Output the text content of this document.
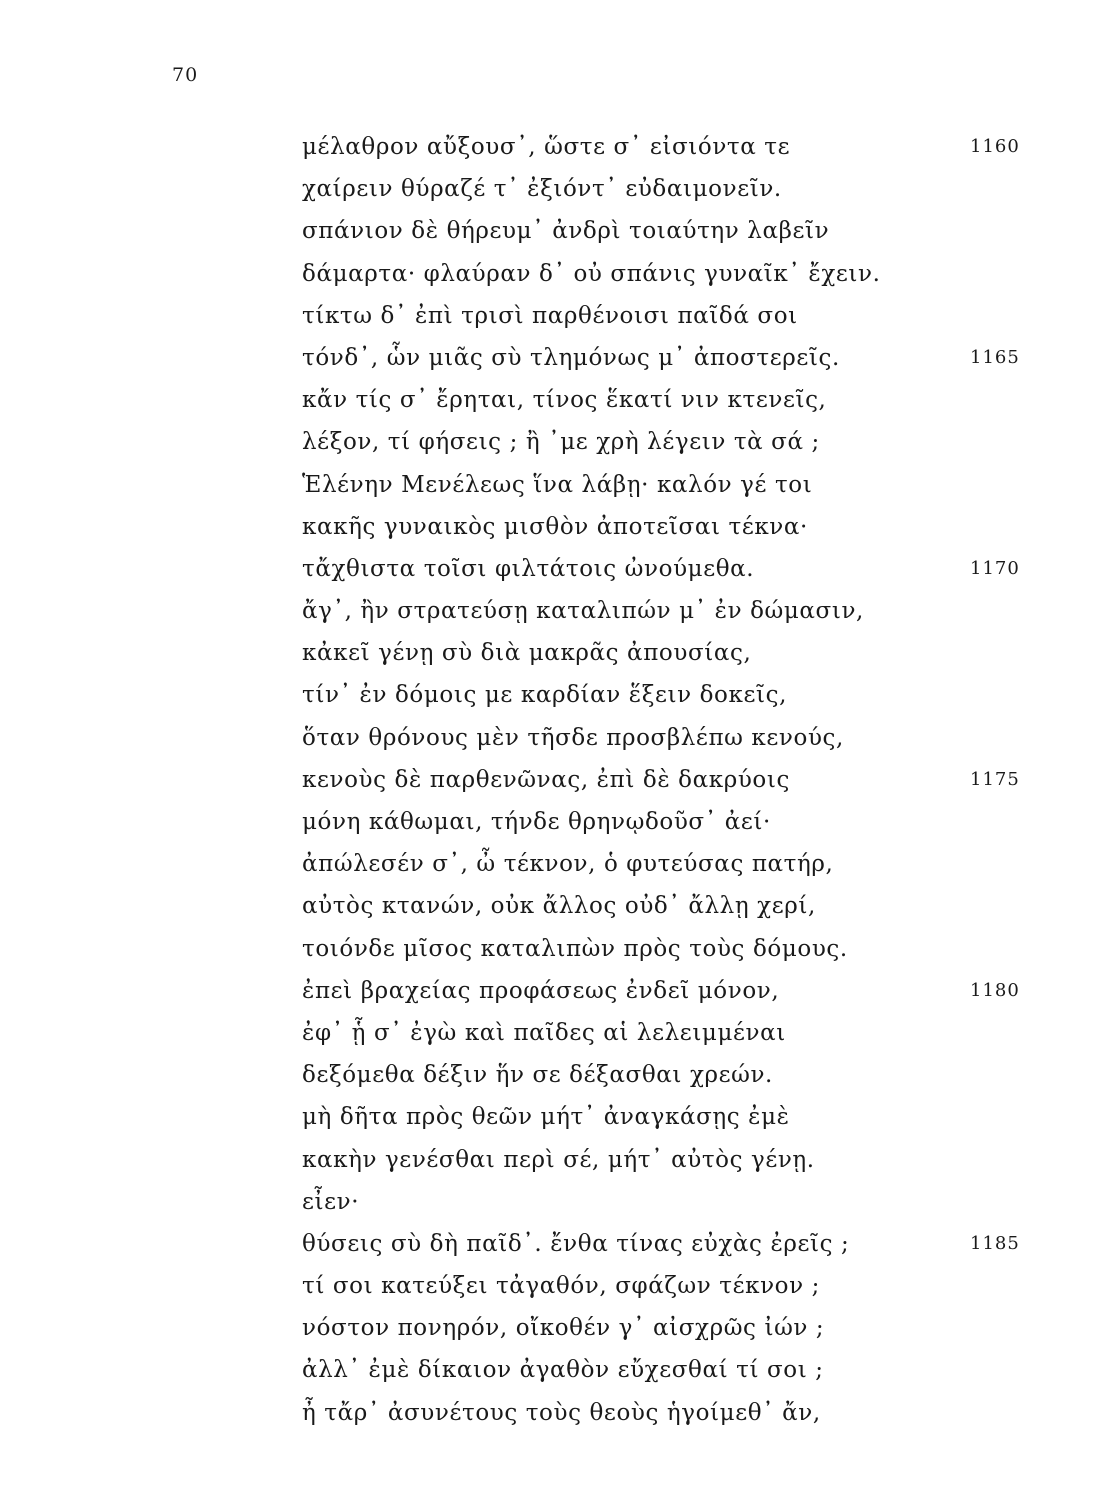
70
μέλαθρον αὔξουσ᾽, ὥστε σ᾽ εἰσιόντα τε	1160
χαίρειν θύραζέ τ᾽ ἐξιόντ᾽ εὐδαιμονεῖν.
σπάνιον δὲ θήρευμ᾽ ἀνδρὶ τοιαύτην λαβεῖν
δάμαρτα· φλαύραν δ᾽ οὐ σπάνις γυναῖκ᾽ ἔχειν.
τίκτω δ᾽ ἐπὶ τρισὶ παρθένοισι παῖδά σοι
τόνδ᾽, ὧν μιᾶς σὺ τλημόνως μ᾽ ἀποστερεῖς.	1165
κἄν τίς σ᾽ ἔρηται, τίνος ἕκατί νιν κτενεῖς,
λέξον, τί φήσεις ; ἢ ᾽με χρὴ λέγειν τὰ σά ;
Ἑλένην Μενέλεως ἵνα λάβῃ· καλόν γέ τοι
κακῆς γυναικὸς μισθὸν ἀποτεῖσαι τέκνα·
τἄχθιστα τοῖσι φιλτάτοις ὠνούμεθα.	1170
ἄγ᾽, ἢν στρατεύσῃ καταλιπών μ᾽ ἐν δώμασιν,
κἀκεῖ γένῃ σὺ διὰ μακρᾶς ἀπουσίας,
τίν᾽ ἐν δόμοις με καρδίαν ἕξειν δοκεῖς,
ὅταν θρόνους μὲν τῆσδε προσβλέπω κενούς,
κενοὺς δὲ παρθενῶνας, ἐπὶ δὲ δακρύοις	1175
μόνη κάθωμαι, τήνδε θρηνῳδοῦσ᾽ ἀεί·
ἀπώλεσέν σ᾽, ὦ τέκνον, ὁ φυτεύσας πατήρ,
αὐτὸς κτανών, οὐκ ἄλλος οὐδ᾽ ἄλλῃ χερί,
τοιόνδε μῖσος καταλιπὼν πρὸς τοὺς δόμους.
ἐπεὶ βραχείας προφάσεως ἐνδεῖ μόνον,	1180
ἐφ᾽ ᾗ σ᾽ ἐγὼ καὶ παῖδες αἱ λελειμμέναι
δεξόμεθα δέξιν ἥν σε δέξασθαι χρεών.
μὴ δῆτα πρὸς θεῶν μήτ᾽ ἀναγκάσῃς ἐμὲ
κακὴν γενέσθαι περὶ σέ, μήτ᾽ αὐτὸς γένῃ.
εἶεν·
θύσεις σὺ δὴ παῖδ᾽. ἔνθα τίνας εὐχὰς ἐρεῖς ;	1185
τί σοι κατεύξει τἀγαθόν, σφάζων τέκνον ;
νόστον πονηρόν, οἴκοθέν γ᾽ αἰσχρῶς ἰών ;
ἀλλ᾽ ἐμὲ δίκαιον ἀγαθὸν εὔχεσθαί τί σοι ;
ἦ τἄρ᾽ ἀσυνέτους τοὺς θεοὺς ἡγοίμεθ᾽ ἄν,
